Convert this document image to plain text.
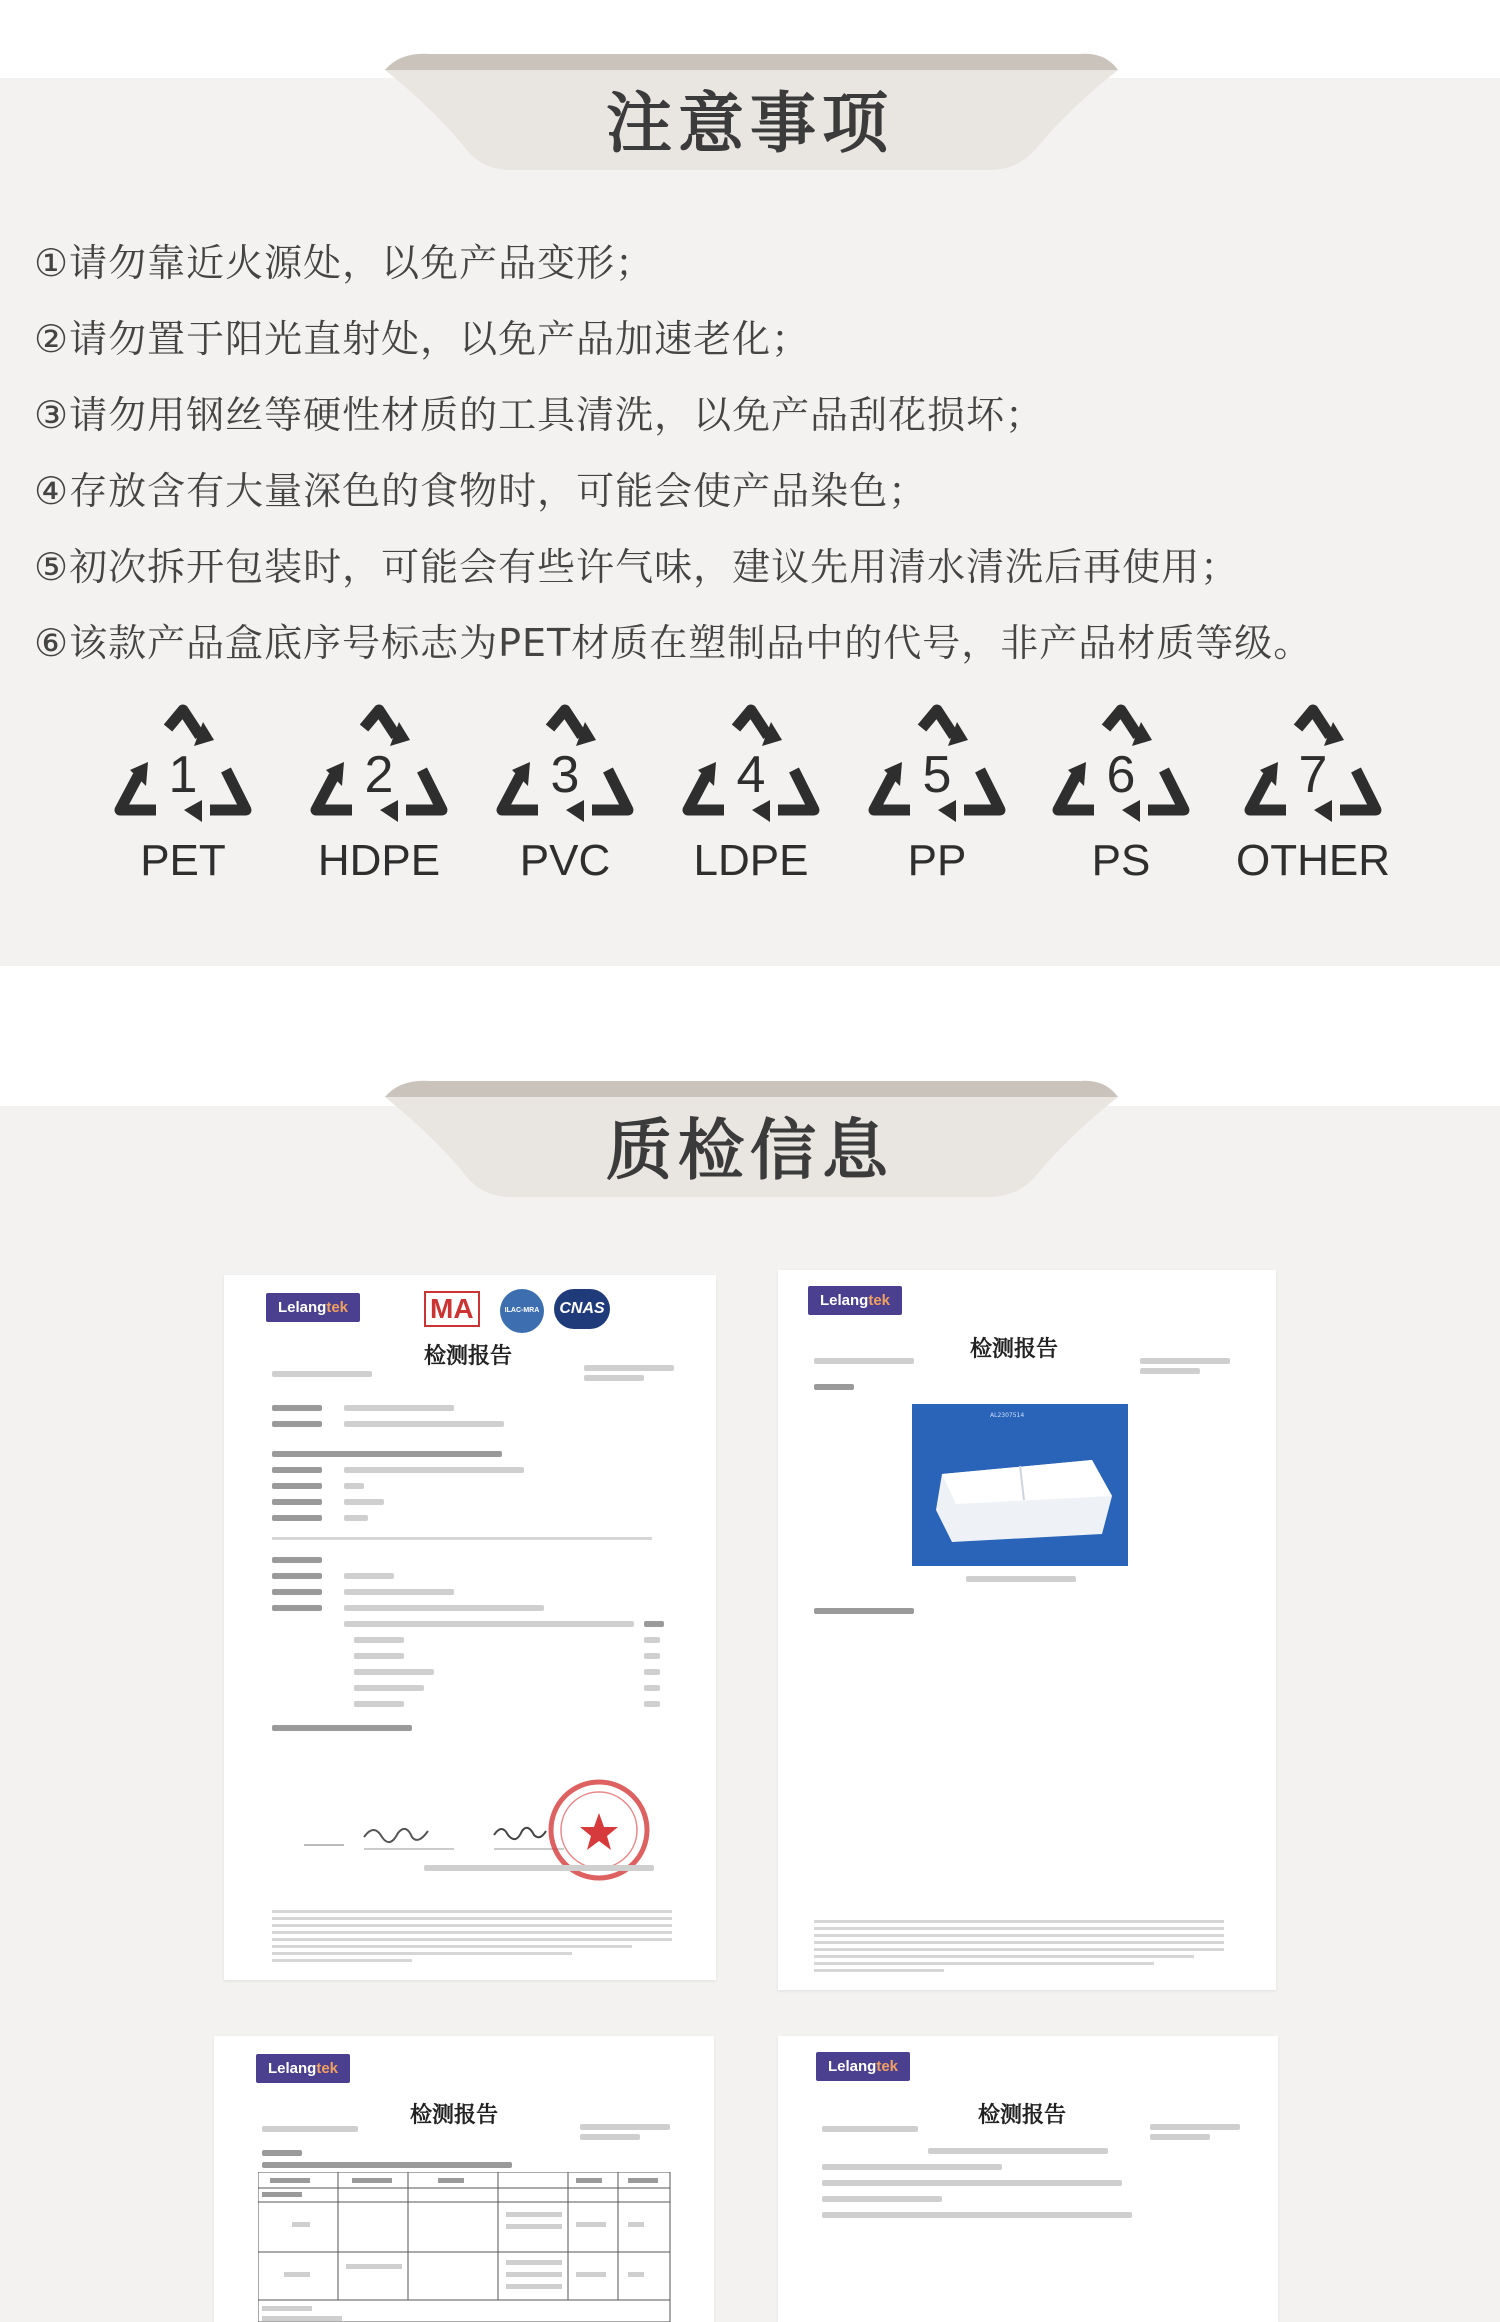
注意事项
①请勿靠近火源处，以免产品变形；
②请勿置于阳光直射处，以免产品加速老化；
③请勿用钢丝等硬性材质的工具清洗，以免产品刮花损坏；
④存放含有大量深色的食物时，可能会使产品染色；
⑤初次拆开包装时，可能会有些许气味，建议先用清水清洗后再使用；
⑥该款产品盒底序号标志为PET材质在塑制品中的代号，非产品材质等级。
1
PET
2
HDPE
3
PVC
4
LDPE
5
PP
6
PS
7
OTHER
质检信息
Lelangtek	MA	ILAC-MRA	CNAS
检测报告
Lelangtek
检测报告
AL2307514
Lelangtek
检测报告
Lelangtek
检测报告
